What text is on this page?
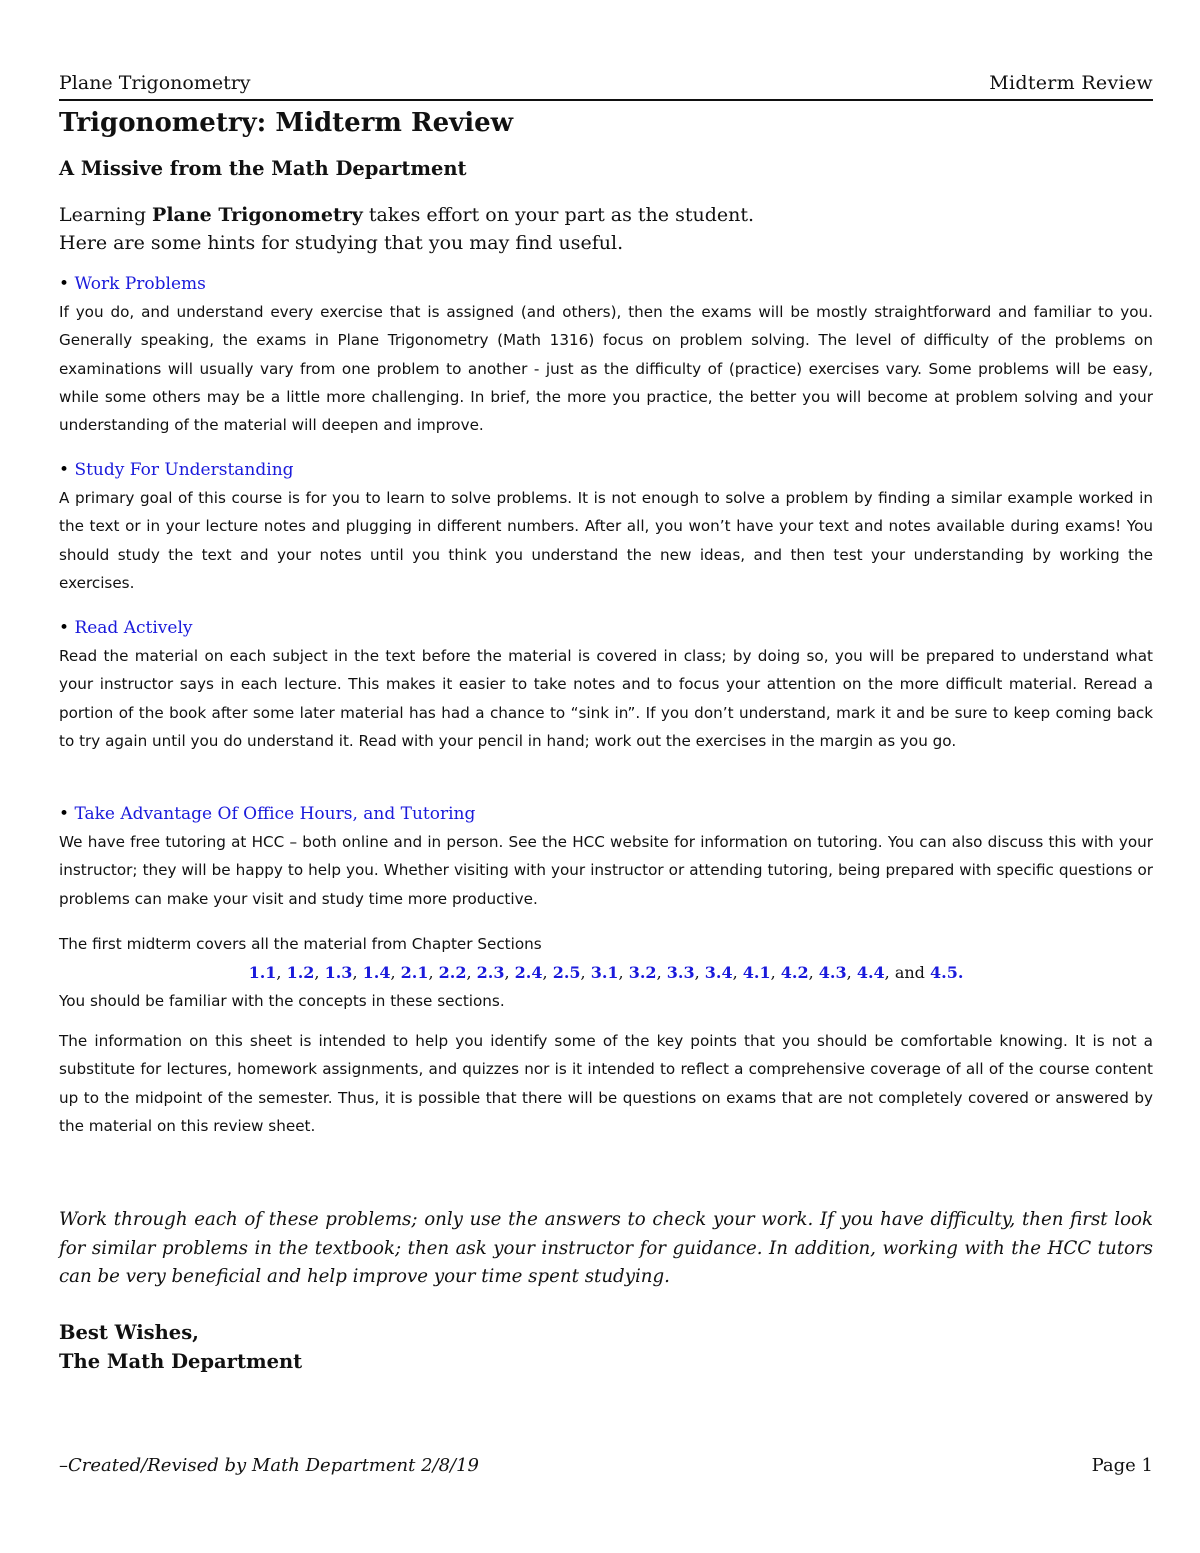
Plane Trigonometry	Midterm Review
Trigonometry: Midterm Review
A Missive from the Math Department
Learning Plane Trigonometry takes effort on your part as the student.
Here are some hints for studying that you may find useful.

• Work Problems

If you do, and understand every exercise that is assigned (and others), then the exams will be mostly straightforward and familiar to you. Generally speaking, the exams in Plane Trigonometry (Math 1316) focus on problem solving. The level of difficulty of the problems on examinations will usually vary from one problem to another - just as the difficulty of (practice) exercises vary. Some problems will be easy, while some others may be a little more challenging. In brief, the more you practice, the better you will become at problem solving and your understanding of the material will deepen and improve.

• Study For Understanding

A primary goal of this course is for you to learn to solve problems. It is not enough to solve a problem by finding a similar example worked in the text or in your lecture notes and plugging in different numbers. After all, you won’t have your text and notes available during exams! You should study the text and your notes until you think you understand the new ideas, and then test your understanding by working the exercises.

• Read Actively

Read the material on each subject in the text before the material is covered in class; by doing so, you will be prepared to understand what your instructor says in each lecture. This makes it easier to take notes and to focus your attention on the more difficult material. Reread a portion of the book after some later material has had a chance to “sink in”. If you don’t understand, mark it and be sure to keep coming back to try again until you do understand it. Read with your pencil in hand; work out the exercises in the margin as you go.

• Take Advantage Of Office Hours, and Tutoring

We have free tutoring at HCC – both online and in person. See the HCC website for information on tutoring. You can also discuss this with your instructor; they will be happy to help you. Whether visiting with your instructor or attending tutoring, being prepared with specific questions or problems can make your visit and study time more productive.

The first midterm covers all the material from Chapter Sections

1.1, 1.2, 1.3, 1.4, 2.1, 2.2, 2.3, 2.4, 2.5, 3.1, 3.2, 3.3, 3.4, 4.1, 4.2, 4.3, 4.4, and 4.5.

You should be familiar with the concepts in these sections.

The information on this sheet is intended to help you identify some of the key points that you should be comfortable knowing. It is not a substitute for lectures, homework assignments, and quizzes nor is it intended to reflect a comprehensive coverage of all of the course content up to the midpoint of the semester. Thus, it is possible that there will be questions on exams that are not completely covered or answered by the material on this review sheet.

Work through each of these problems; only use the answers to check your work. If you have difficulty, then first look for similar problems in the textbook; then ask your instructor for guidance. In addition, working with the HCC tutors can be very beneficial and help improve your time spent studying.

Best Wishes,
The Math Department
–Created/Revised by Math Department 2/8/19	Page 1
